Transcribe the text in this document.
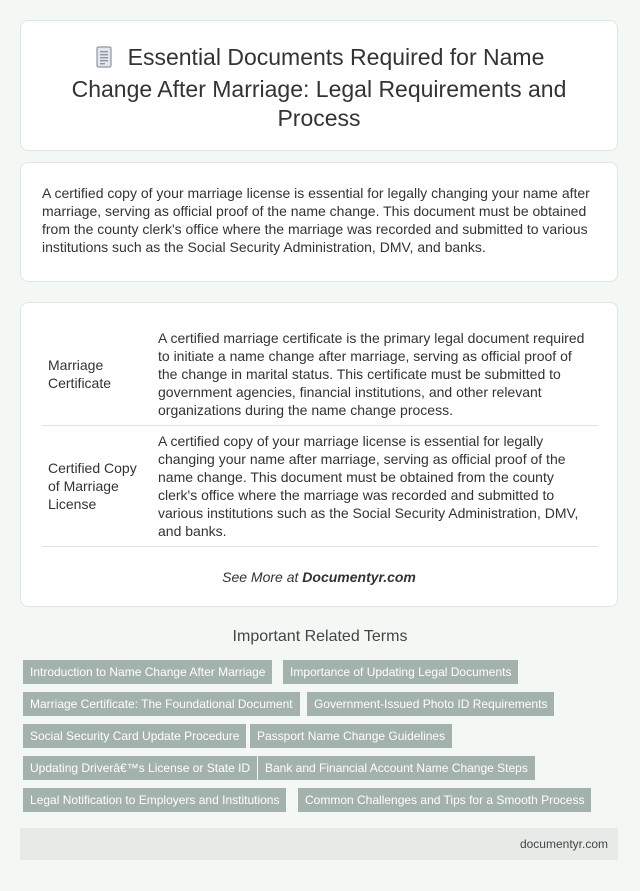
Essential Documents Required for Name Change After Marriage: Legal Requirements and Process

A certified copy of your marriage license is essential for legally changing your name after marriage, serving as official proof of the name change. This document must be obtained from the county clerk's office where the marriage was recorded and submitted to various institutions such as the Social Security Administration, DMV, and banks.

Marriage Certificate	A certified marriage certificate is the primary legal document required to initiate a name change after marriage, serving as official proof of the change in marital status. This certificate must be submitted to government agencies, financial institutions, and other relevant organizations during the name change process.
Certified Copy of Marriage License	A certified copy of your marriage license is essential for legally changing your name after marriage, serving as official proof of the name change. This document must be obtained from the county clerk's office where the marriage was recorded and submitted to various institutions such as the Social Security Administration, DMV, and banks.
See More at Documentyr.com
Important Related Terms
Introduction to Name Change After Marriage	Importance of Updating Legal Documents
Marriage Certificate: The Foundational Document	Government-Issued Photo ID Requirements
Social Security Card Update Procedure	Passport Name Change Guidelines
Updating Driverâ€™s License or State ID	Bank and Financial Account Name Change Steps
Legal Notification to Employers and Institutions	Common Challenges and Tips for a Smooth Process
documentyr.com
